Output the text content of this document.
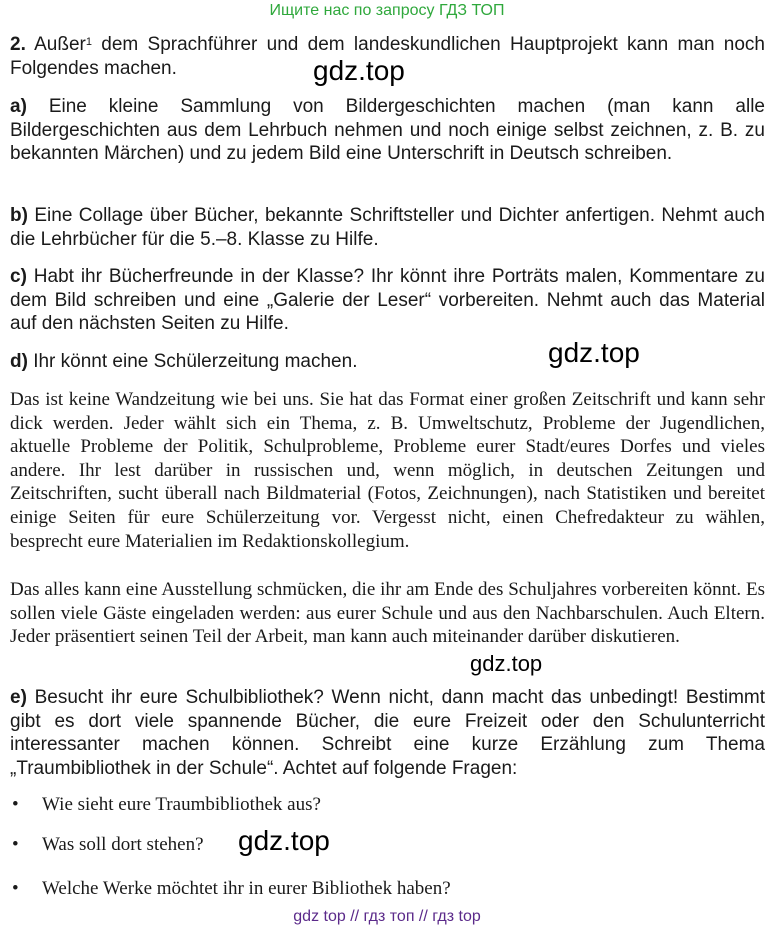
Ищите нас по запросу ГДЗ ТОП
2. Außer$^1$ dem Sprachführer und dem landeskundlichen Hauptprojekt kann man noch Folgendes machen.
a) Eine kleine Sammlung von Bildergeschichten machen (man kann alle Bildergeschichten aus dem Lehrbuch nehmen und noch einige selbst zeichnen, z. B. zu bekannten Märchen) und zu jedem Bild eine Unterschrift in Deutsch schreiben.
b) Eine Collage über Bücher, bekannte Schriftsteller und Dichter anfertigen. Nehmt auch die Lehrbücher für die 5.–8. Klasse zu Hilfe.
c) Habt ihr Bücherfreunde in der Klasse? Ihr könnt ihre Porträts malen, Kommentare zu dem Bild schreiben und eine „Galerie der Leser“ vorbereiten. Nehmt auch das Material auf den nächsten Seiten zu Hilfe.
d) Ihr könnt eine Schülerzeitung machen.
Das ist keine Wandzeitung wie bei uns. Sie hat das Format einer großen Zeitschrift und kann sehr dick werden. Jeder wählt sich ein Thema, z. B. Umweltschutz, Probleme der Jugendlichen, aktuelle Probleme der Politik, Schulprobleme, Probleme eurer Stadt/eures Dorfes und vieles andere. Ihr lest darüber in russischen und, wenn möglich, in deutschen Zeitungen und Zeitschriften, sucht überall nach Bildmaterial (Fotos, Zeichnungen), nach Statistiken und bereitet einige Seiten für eure Schülerzeitung vor. Vergesst nicht, einen Chefredakteur zu wählen, besprecht eure Materialien im Redaktionskollegium.
Das alles kann eine Ausstellung schmücken, die ihr am Ende des Schuljahres vorbereiten könnt. Es sollen viele Gäste eingeladen werden: aus eurer Schule und aus den Nachbarschulen. Auch Eltern. Jeder präsentiert seinen Teil der Arbeit, man kann auch miteinander darüber diskutieren.
e) Besucht ihr eure Schulbibliothek? Wenn nicht, dann macht das unbedingt! Bestimmt gibt es dort viele spannende Bücher, die eure Freizeit oder den Schulunterricht interessanter machen können. Schreibt eine kurze Erzählung zum Thema „Traumbibliothek in der Schule“. Achtet auf folgende Fragen:
• Wie sieht eure Traumbibliothek aus?
• Was soll dort stehen?
• Welche Werke möchtet ihr in eurer Bibliothek haben?
gdz.top
gdz.top
gdz.top
gdz.top
gdz top // гдз топ // гдз top
